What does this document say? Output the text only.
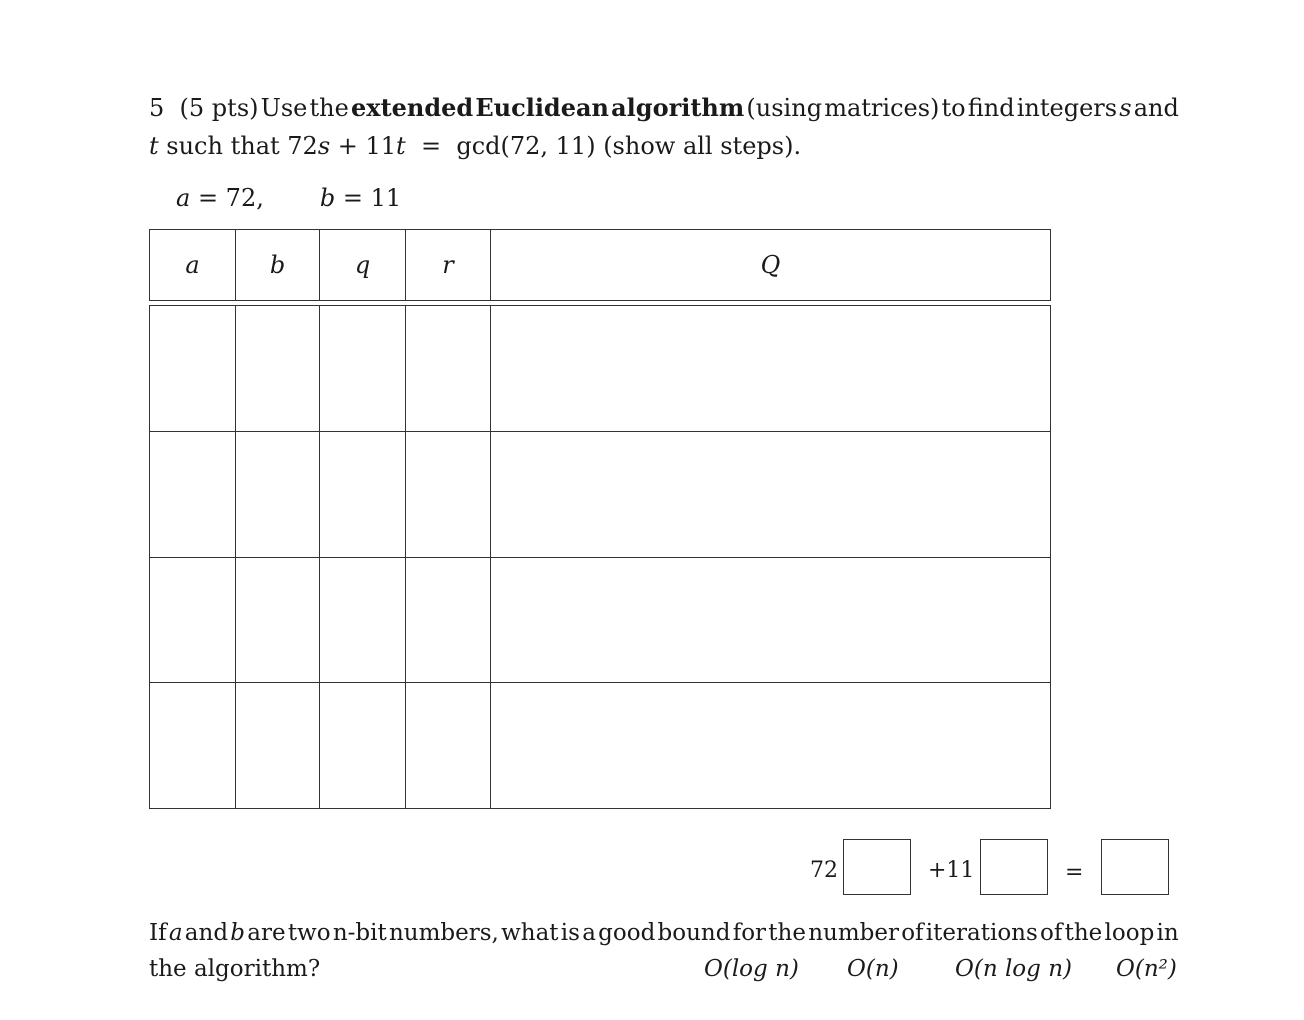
5 (5 pts) Use the extended Euclidean algorithm (using matrices) to find integers s and
t such that 72s + 11t  =  gcd(72, 11) (show all steps).
a = 72, b = 11
a	b	q	r	Q

72	+11	=
If a and b are two n-bit numbers, what is a good bound for the number of iterations of the loop in
the algorithm?	O(log n) O(n) O(n log n) O(n²)
